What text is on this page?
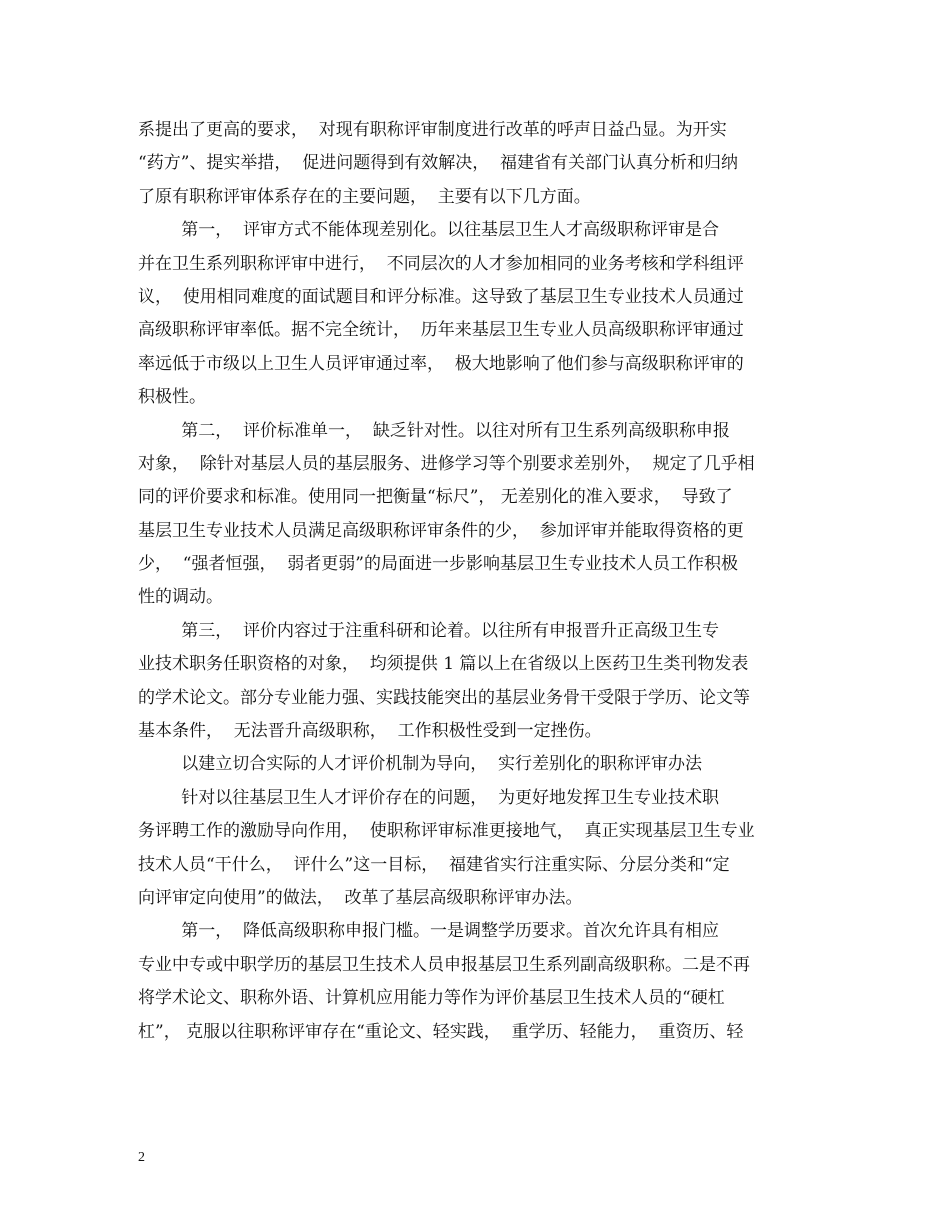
系提出了更高的要求，  对现有职称评审制度进行改革的呼声日益凸显。为开实
“药方”、提实举措，  促进问题得到有效解决，  福建省有关部门认真分析和归纳
了原有职称评审体系存在的主要问题，  主要有以下几方面。
第一，  评审方式不能体现差别化。以往基层卫生人才高级职称评审是合
并在卫生系列职称评审中进行，  不同层次的人才参加相同的业务考核和学科组评
议，  使用相同难度的面试题目和评分标准。这导致了基层卫生专业技术人员通过
高级职称评审率低。据不完全统计，  历年来基层卫生专业人员高级职称评审通过
率远低于市级以上卫生人员评审通过率，  极大地影响了他们参与高级职称评审的
积极性。
第二，  评价标准单一，  缺乏针对性。以往对所有卫生系列高级职称申报
对象，  除针对基层人员的基层服务、进修学习等个别要求差别外，  规定了几乎相
同的评价要求和标准。使用同一把衡量“标尺”， 无差别化的准入要求，  导致了
基层卫生专业技术人员满足高级职称评审条件的少，  参加评审并能取得资格的更
少，  “强者恒强，  弱者更弱”的局面进一步影响基层卫生专业技术人员工作积极
性的调动。
第三，  评价内容过于注重科研和论着。以往所有申报晋升正高级卫生专
业技术职务任职资格的对象，  均须提供 1 篇以上在省级以上医药卫生类刊物发表
的学术论文。部分专业能力强、实践技能突出的基层业务骨干受限于学历、论文等
基本条件，  无法晋升高级职称，  工作积极性受到一定挫伤。
以建立切合实际的人才评价机制为导向，  实行差别化的职称评审办法
针对以往基层卫生人才评价存在的问题，  为更好地发挥卫生专业技术职
务评聘工作的激励导向作用，  使职称评审标准更接地气，  真正实现基层卫生专业
技术人员“干什么，  评什么”这一目标，  福建省实行注重实际、分层分类和“定
向评审定向使用”的做法，  改革了基层高级职称评审办法。
第一，  降低高级职称申报门槛。一是调整学历要求。首次允许具有相应
专业中专或中职学历的基层卫生技术人员申报基层卫生系列副高级职称。二是不再
将学术论文、职称外语、计算机应用能力等作为评价基层卫生技术人员的“硬杠
杠”， 克服以往职称评审存在“重论文、轻实践，  重学历、轻能力，  重资历、轻
2
